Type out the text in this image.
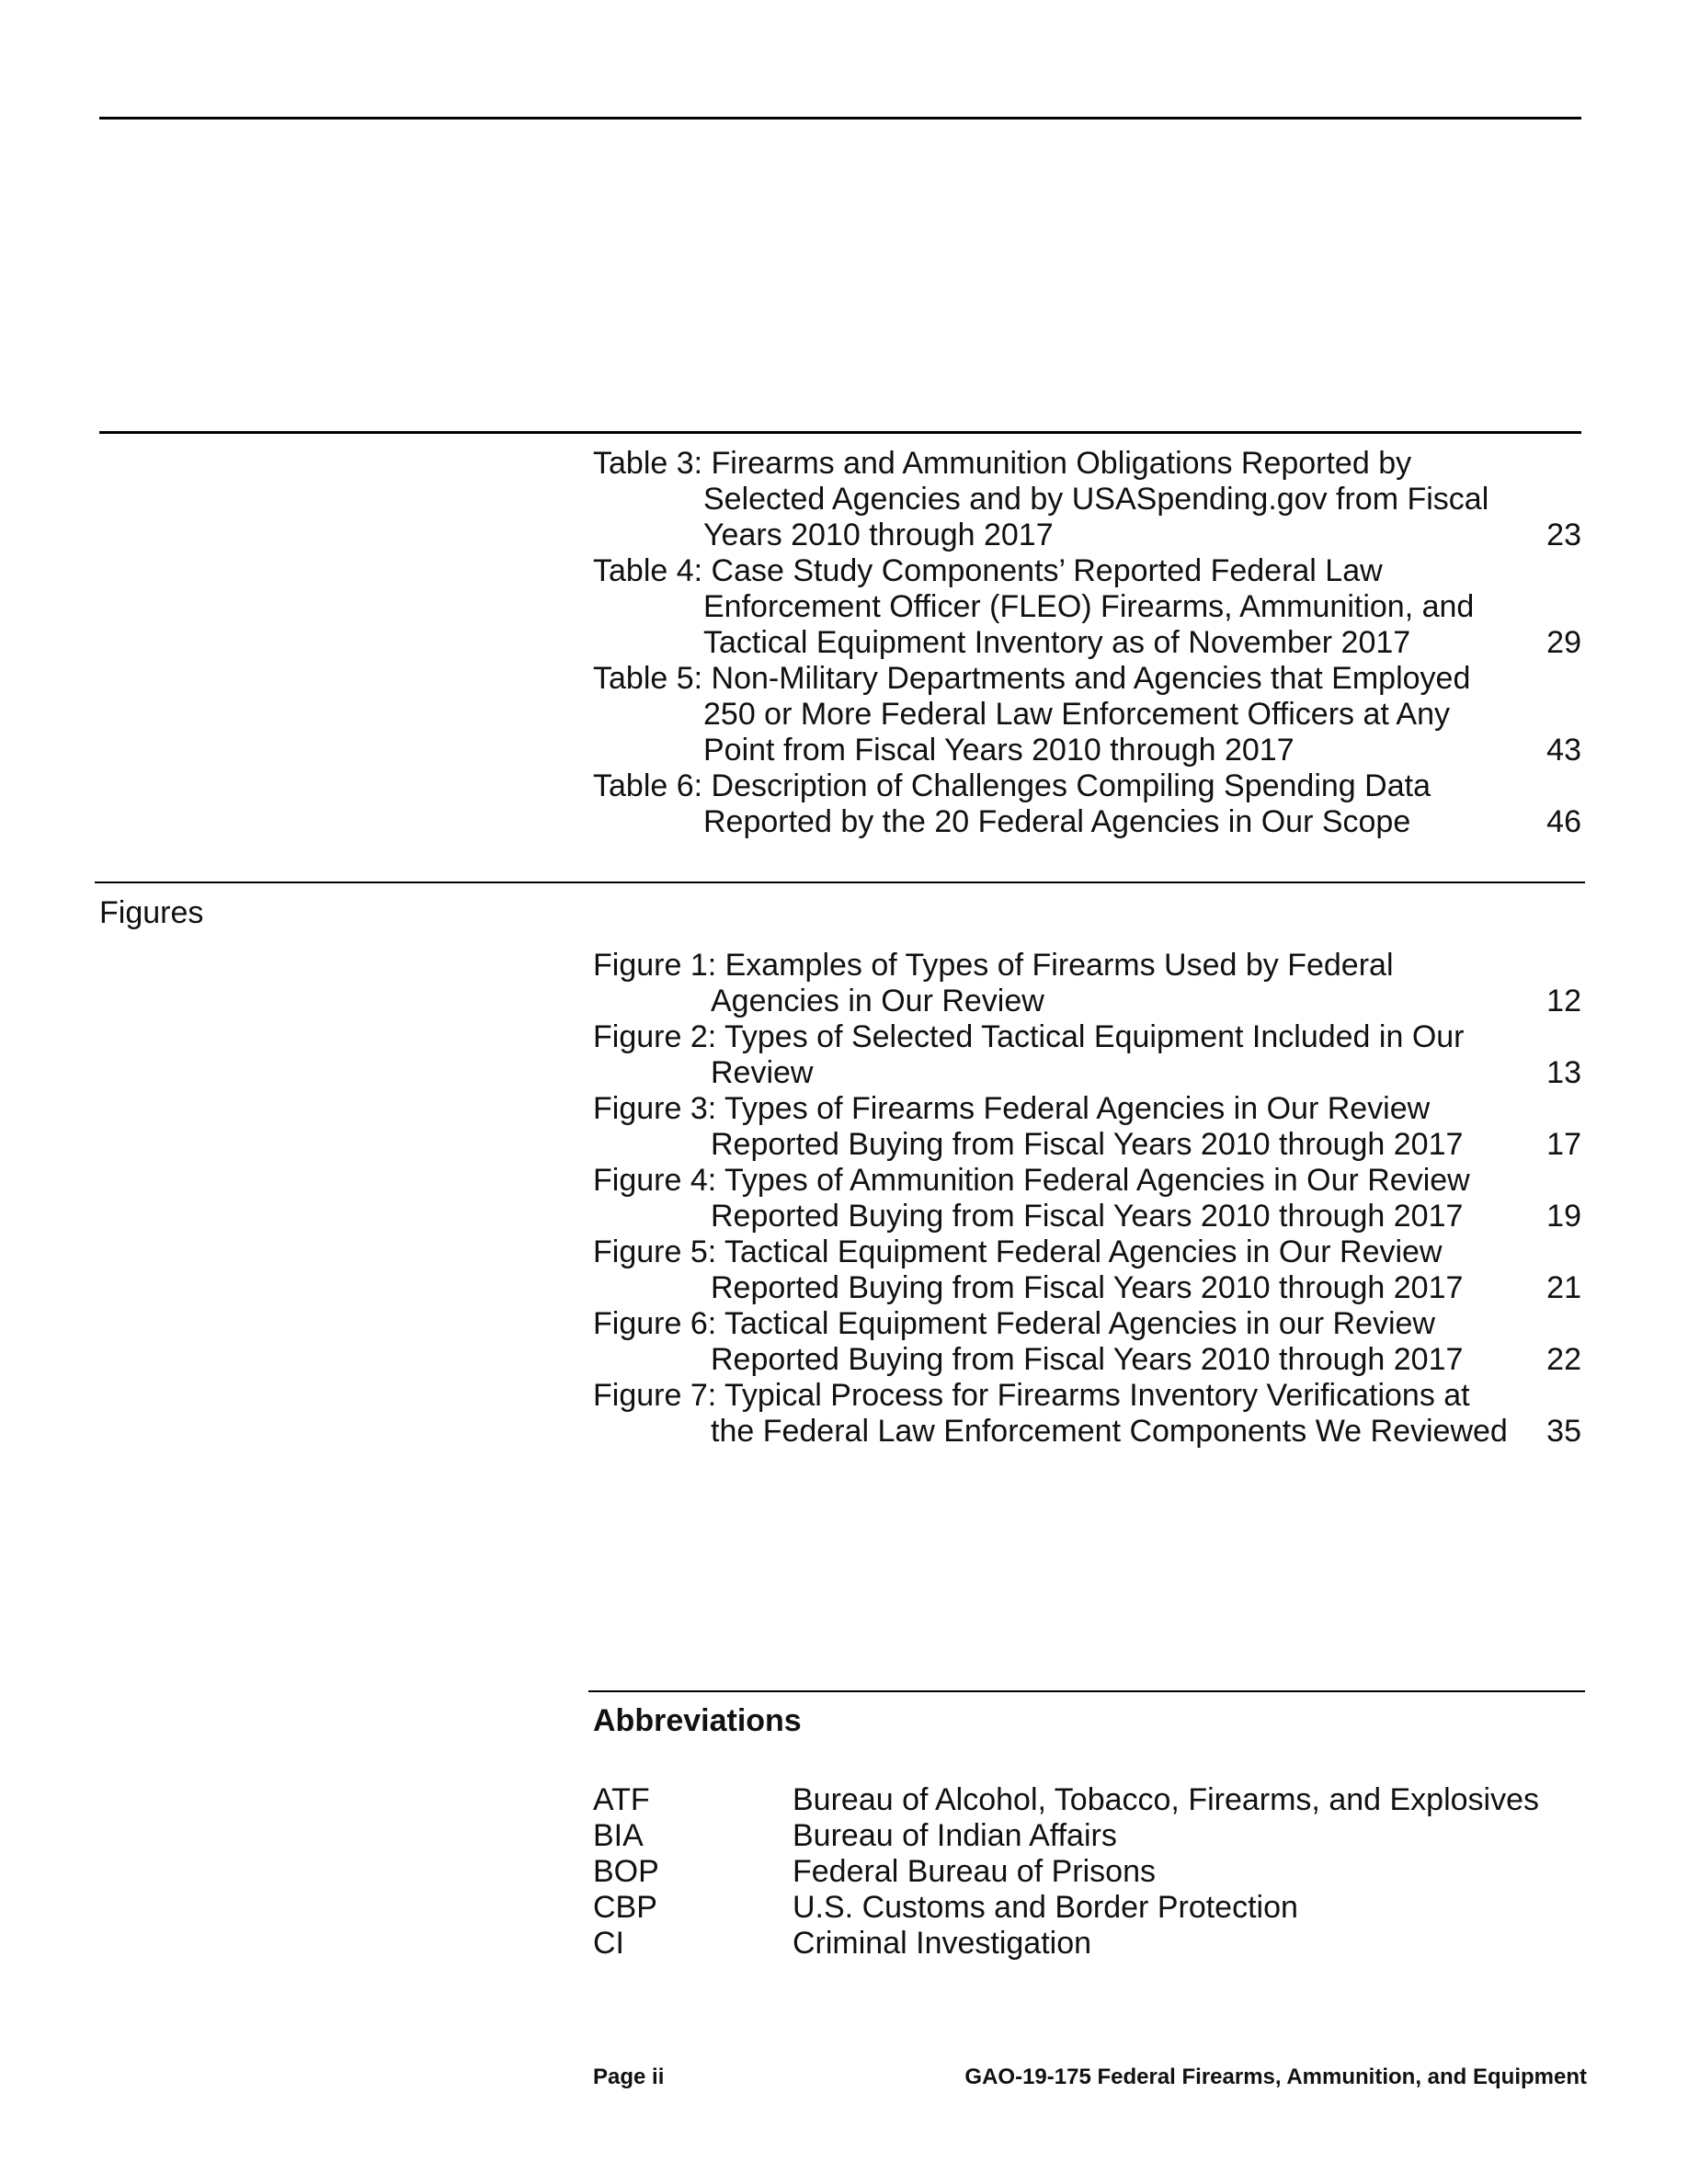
Table 3: Firearms and Ammunition Obligations Reported by
Selected Agencies and by USASpending.gov from Fiscal
Years 2010 through 2017	23
Table 4: Case Study Components’ Reported Federal Law
Enforcement Officer (FLEO) Firearms, Ammunition, and
Tactical Equipment Inventory as of November 2017	29
Table 5: Non-Military Departments and Agencies that Employed
250 or More Federal Law Enforcement Officers at Any
Point from Fiscal Years 2010 through 2017	43
Table 6: Description of Challenges Compiling Spending Data
Reported by the 20 Federal Agencies in Our Scope	46
Figures
Figure 1: Examples of Types of Firearms Used by Federal
Agencies in Our Review	12
Figure 2: Types of Selected Tactical Equipment Included in Our
Review	13
Figure 3: Types of Firearms Federal Agencies in Our Review
Reported Buying from Fiscal Years 2010 through 2017	17
Figure 4: Types of Ammunition Federal Agencies in Our Review
Reported Buying from Fiscal Years 2010 through 2017	19
Figure 5: Tactical Equipment Federal Agencies in Our Review
Reported Buying from Fiscal Years 2010 through 2017	21
Figure 6: Tactical Equipment Federal Agencies in our Review
Reported Buying from Fiscal Years 2010 through 2017	22
Figure 7: Typical Process for Firearms Inventory Verifications at
the Federal Law Enforcement Components We Reviewed	35
Abbreviations
ATF	Bureau of Alcohol, Tobacco, Firearms, and Explosives
BIA	Bureau of Indian Affairs
BOP	Federal Bureau of Prisons
CBP	U.S. Customs and Border Protection
CI	Criminal Investigation
Page ii	GAO-19-175 Federal Firearms, Ammunition, and Equipment
